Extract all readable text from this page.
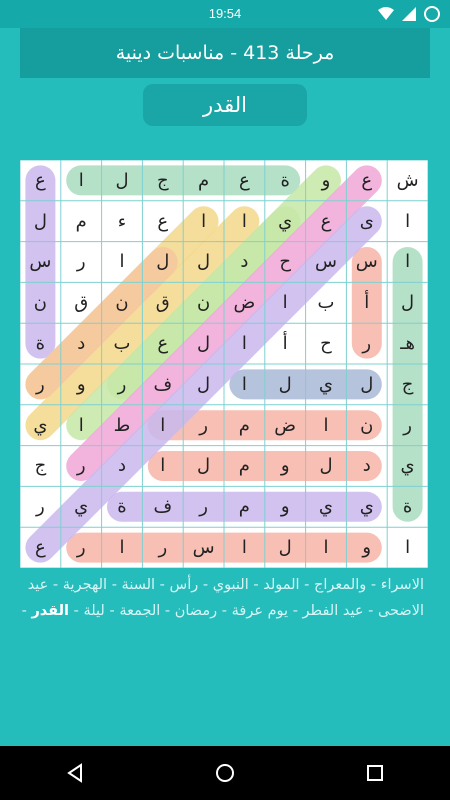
19:54
مرحلة 413 - مناسبات دينية
القدر
ع	ا	ل	ج	م	ع	ة	و	ع	ش
ل	م	ء	ع	ا	ا	ي	ع	ى	ا
س	ر	ا	ل	ل	د	ح	س	س	ا
ن	ق	ن	ق	ن	ض	ا	ب	أ	ل
ة	د	ب	ع	ل	ا	أ	ح	ر	هـ
ر	و	ر	ف	ل	ا	ل	ي	ل	ج
ي	ا	ط	ا	ر	م	ض	ا	ن	ر
ج	ر	د	ا	ل	م	و	ل	د	ي
ر	ي	ة	ف	ر	م	و	ي	ي	ة
ع	ر	ا	ر	س	ا	ل	ا	و	ا
الاسراء - والمعراج - المولد - النبوي - رأس - السنة - الهجرية - عيد الاضحى - عيد الفطر - يوم عرفة - رمضان - الجمعة - ليلة - القدر -
